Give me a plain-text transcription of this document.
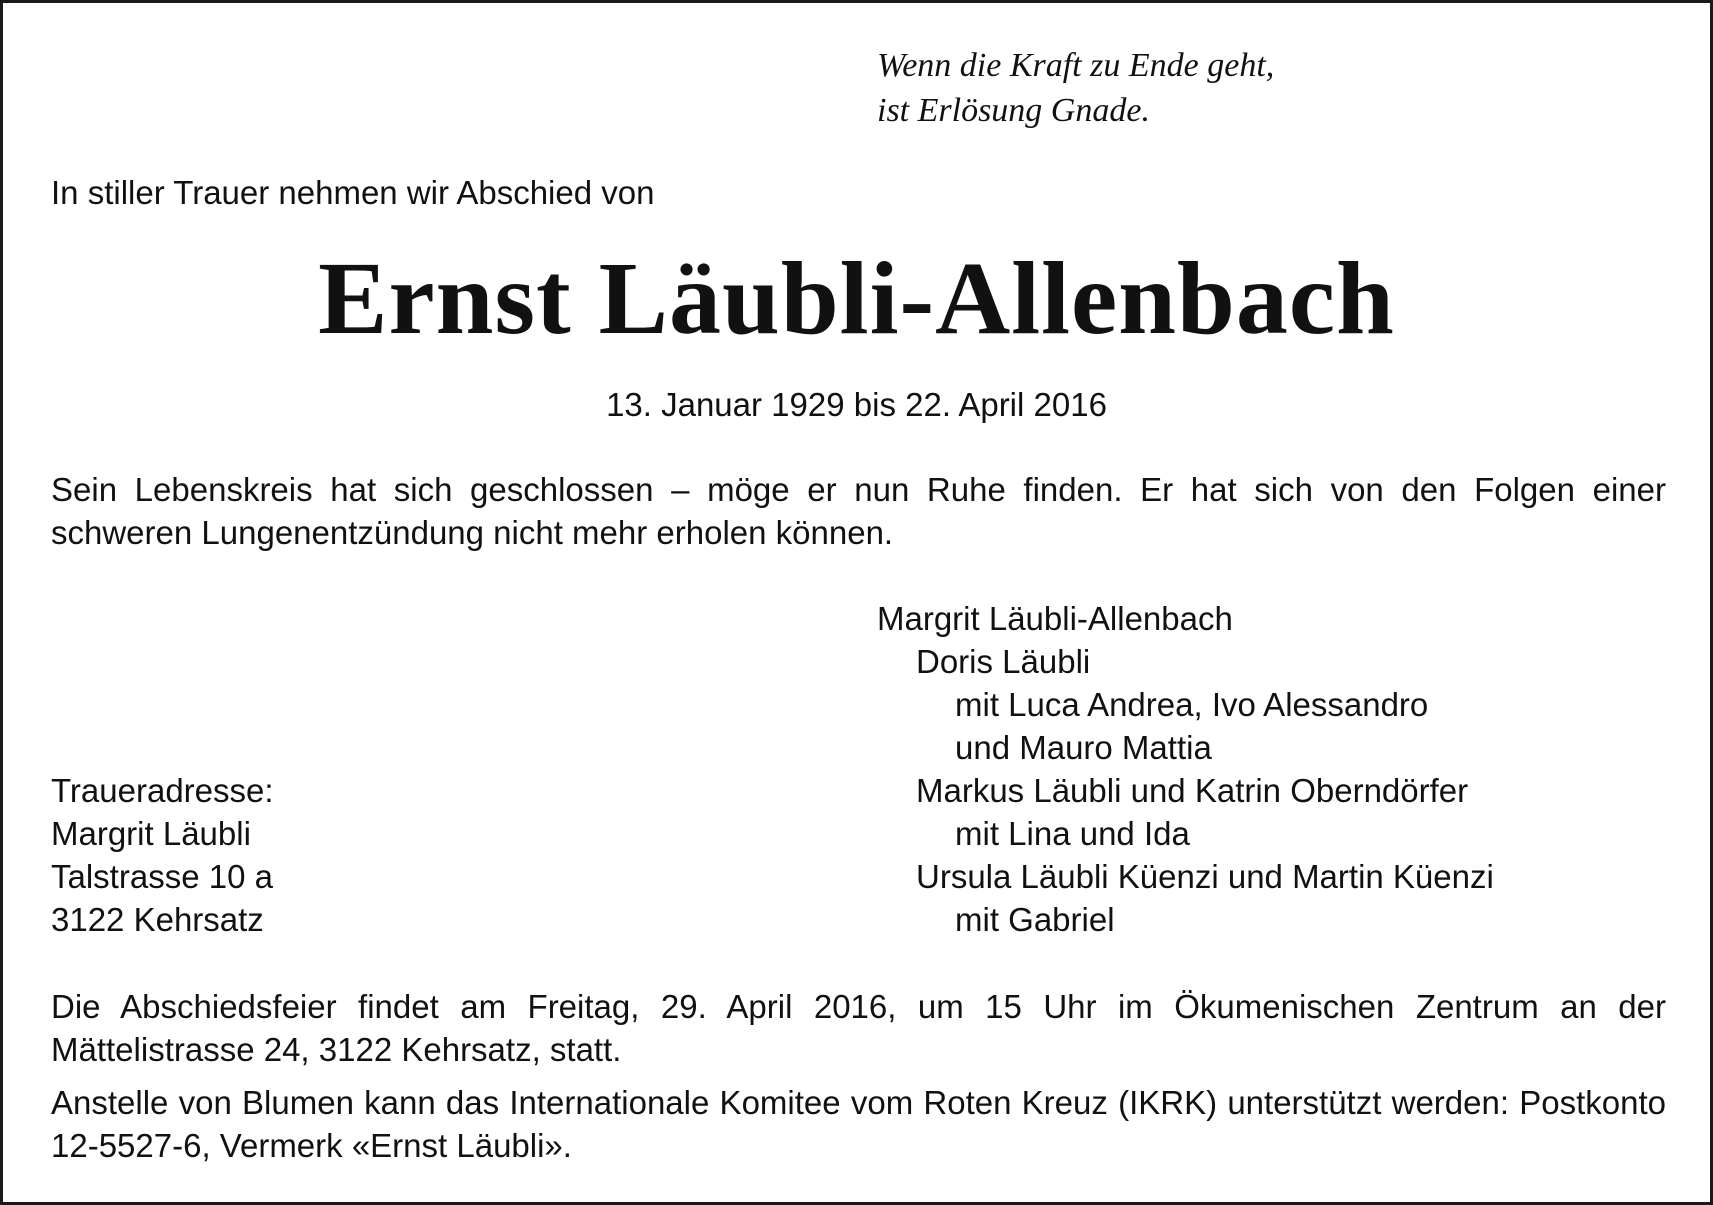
Wenn die Kraft zu Ende geht,
ist Erlösung Gnade.

In stiller Trauer nehmen wir Abschied von

Ernst Läubli-Allenbach

13. Januar 1929 bis 22. April 2016

Sein Lebenskreis hat sich geschlossen – möge er nun Ruhe finden. Er hat sich von den Folgen einer schweren Lungenentzündung nicht mehr erholen können.

Margrit Läubli-Allenbach
Doris Läubli
mit Luca Andrea, Ivo Alessandro
und Mauro Mattia
Markus Läubli und Katrin Oberndörfer
mit Lina und Ida
Ursula Läubli Küenzi und Martin Küenzi
mit Gabriel
Traueradresse:
Margrit Läubli
Talstrasse 10 a
3122 Kehrsatz

Die Abschiedsfeier findet am Freitag, 29. April 2016, um 15 Uhr im Ökumenischen Zentrum an der Mättelistrasse 24, 3122 Kehrsatz, statt.

Anstelle von Blumen kann das Internationale Komitee vom Roten Kreuz (IKRK) unterstützt werden: Postkonto 12-5527-6, Vermerk «Ernst Läubli».
